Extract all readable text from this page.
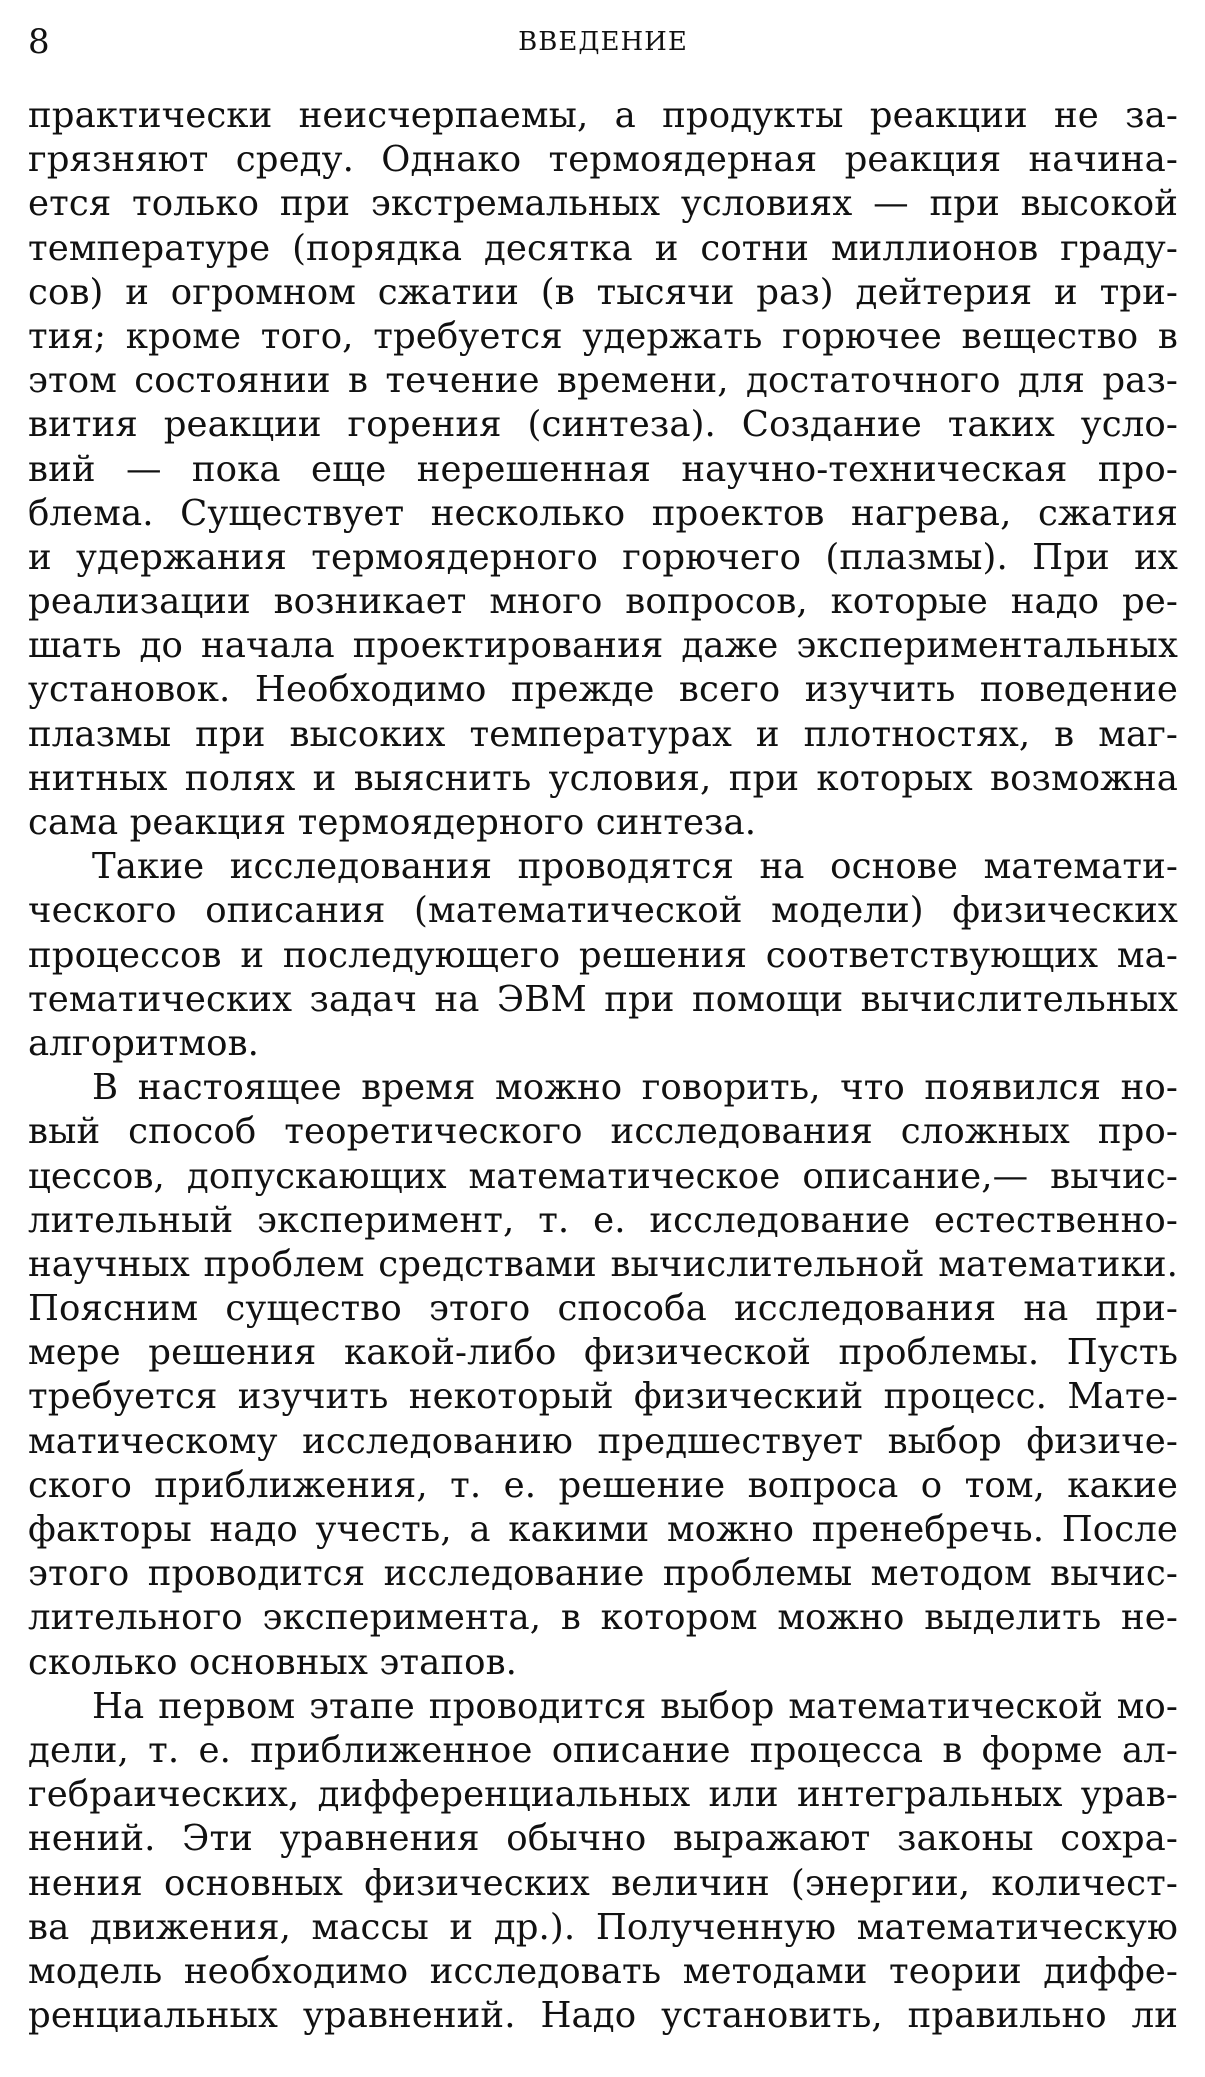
8	ВВЕДЕНИЕ
практически неисчерпаемы, а продукты реакции не за-
грязняют среду. Однако термоядерная реакция начина-
ется только при экстремальных условиях — при высокой
температуре (порядка десятка и сотни миллионов граду-
сов) и огромном сжатии (в тысячи раз) дейтерия и три-
тия; кроме того, требуется удержать горючее вещество в
этом состоянии в течение времени, достаточного для раз-
вития реакции горения (синтеза). Создание таких усло-
вий — пока еще нерешенная научно-техническая про-
блема. Существует несколько проектов нагрева, сжатия
и удержания термоядерного горючего (плазмы). При их
реализации возникает много вопросов, которые надо ре-
шать до начала проектирования даже экспериментальных
установок. Необходимо прежде всего изучить поведение
плазмы при высоких температурах и плотностях, в маг-
нитных полях и выяснить условия, при которых возможна
сама реакция термоядерного синтеза.
Такие исследования проводятся на основе математи-
ческого описания (математической модели) физических
процессов и последующего решения соответствующих ма-
тематических задач на ЭВМ при помощи вычислительных
алгоритмов.
В настоящее время можно говорить, что появился но-
вый способ теоретического исследования сложных про-
цессов, допускающих математическое описание,— вычис-
лительный эксперимент, т. е. исследование естественно-
научных проблем средствами вычислительной математики.
Поясним существо этого способа исследования на при-
мере решения какой-либо физической проблемы. Пусть
требуется изучить некоторый физический процесс. Мате-
матическому исследованию предшествует выбор физиче-
ского приближения, т. е. решение вопроса о том, какие
факторы надо учесть, а какими можно пренебречь. После
этого проводится исследование проблемы методом вычис-
лительного эксперимента, в котором можно выделить не-
сколько основных этапов.
На первом этапе проводится выбор математической мо-
дели, т. е. приближенное описание процесса в форме ал-
гебраических, дифференциальных или интегральных урав-
нений. Эти уравнения обычно выражают законы сохра-
нения основных физических величин (энергии, количест-
ва движения, массы и др.). Полученную математическую
модель необходимо исследовать методами теории диффе-
ренциальных уравнений. Надо установить, правильно ли
